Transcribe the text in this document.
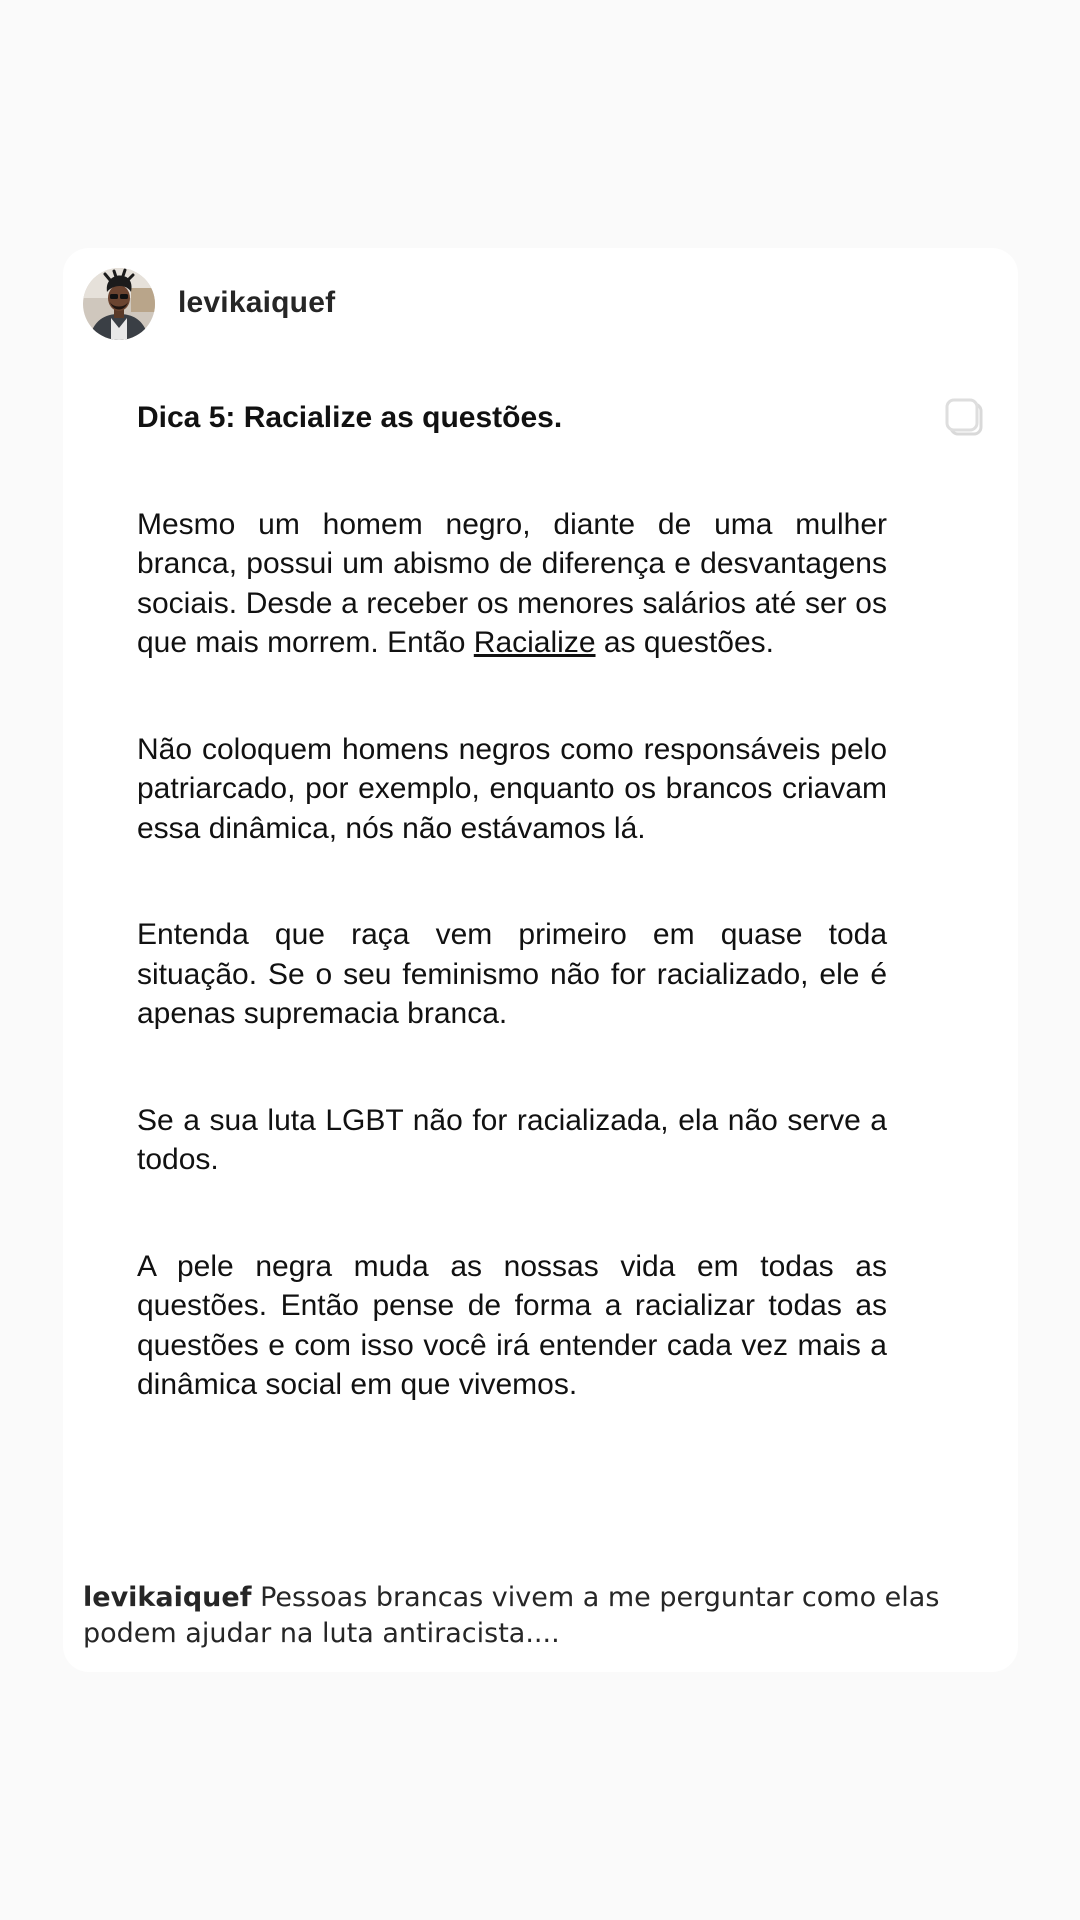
levikaiquef
Dica 5: Racialize as questões.
Mesmo um homem negro, diante de uma mulher branca, possui um abismo de diferença e desvantagens sociais. Desde a receber os menores salários até ser os que mais morrem. Então Racialize as questões.
Não coloquem homens negros como responsáveis pelo patriarcado, por exemplo, enquanto os brancos criavam essa dinâmica, nós não estávamos lá.
Entenda que raça vem primeiro em quase toda situação. Se o seu feminismo não for racializado, ele é apenas supremacia branca.
Se a sua luta LGBT não for racializada, ela não serve a todos.
A pele negra muda as nossas vida em todas as questões. Então pense de forma a racializar todas as questões e com isso você irá entender cada vez mais a dinâmica social em que vivemos.
levikaiquef Pessoas brancas vivem a me perguntar como elas podem ajudar na luta antiracista....
